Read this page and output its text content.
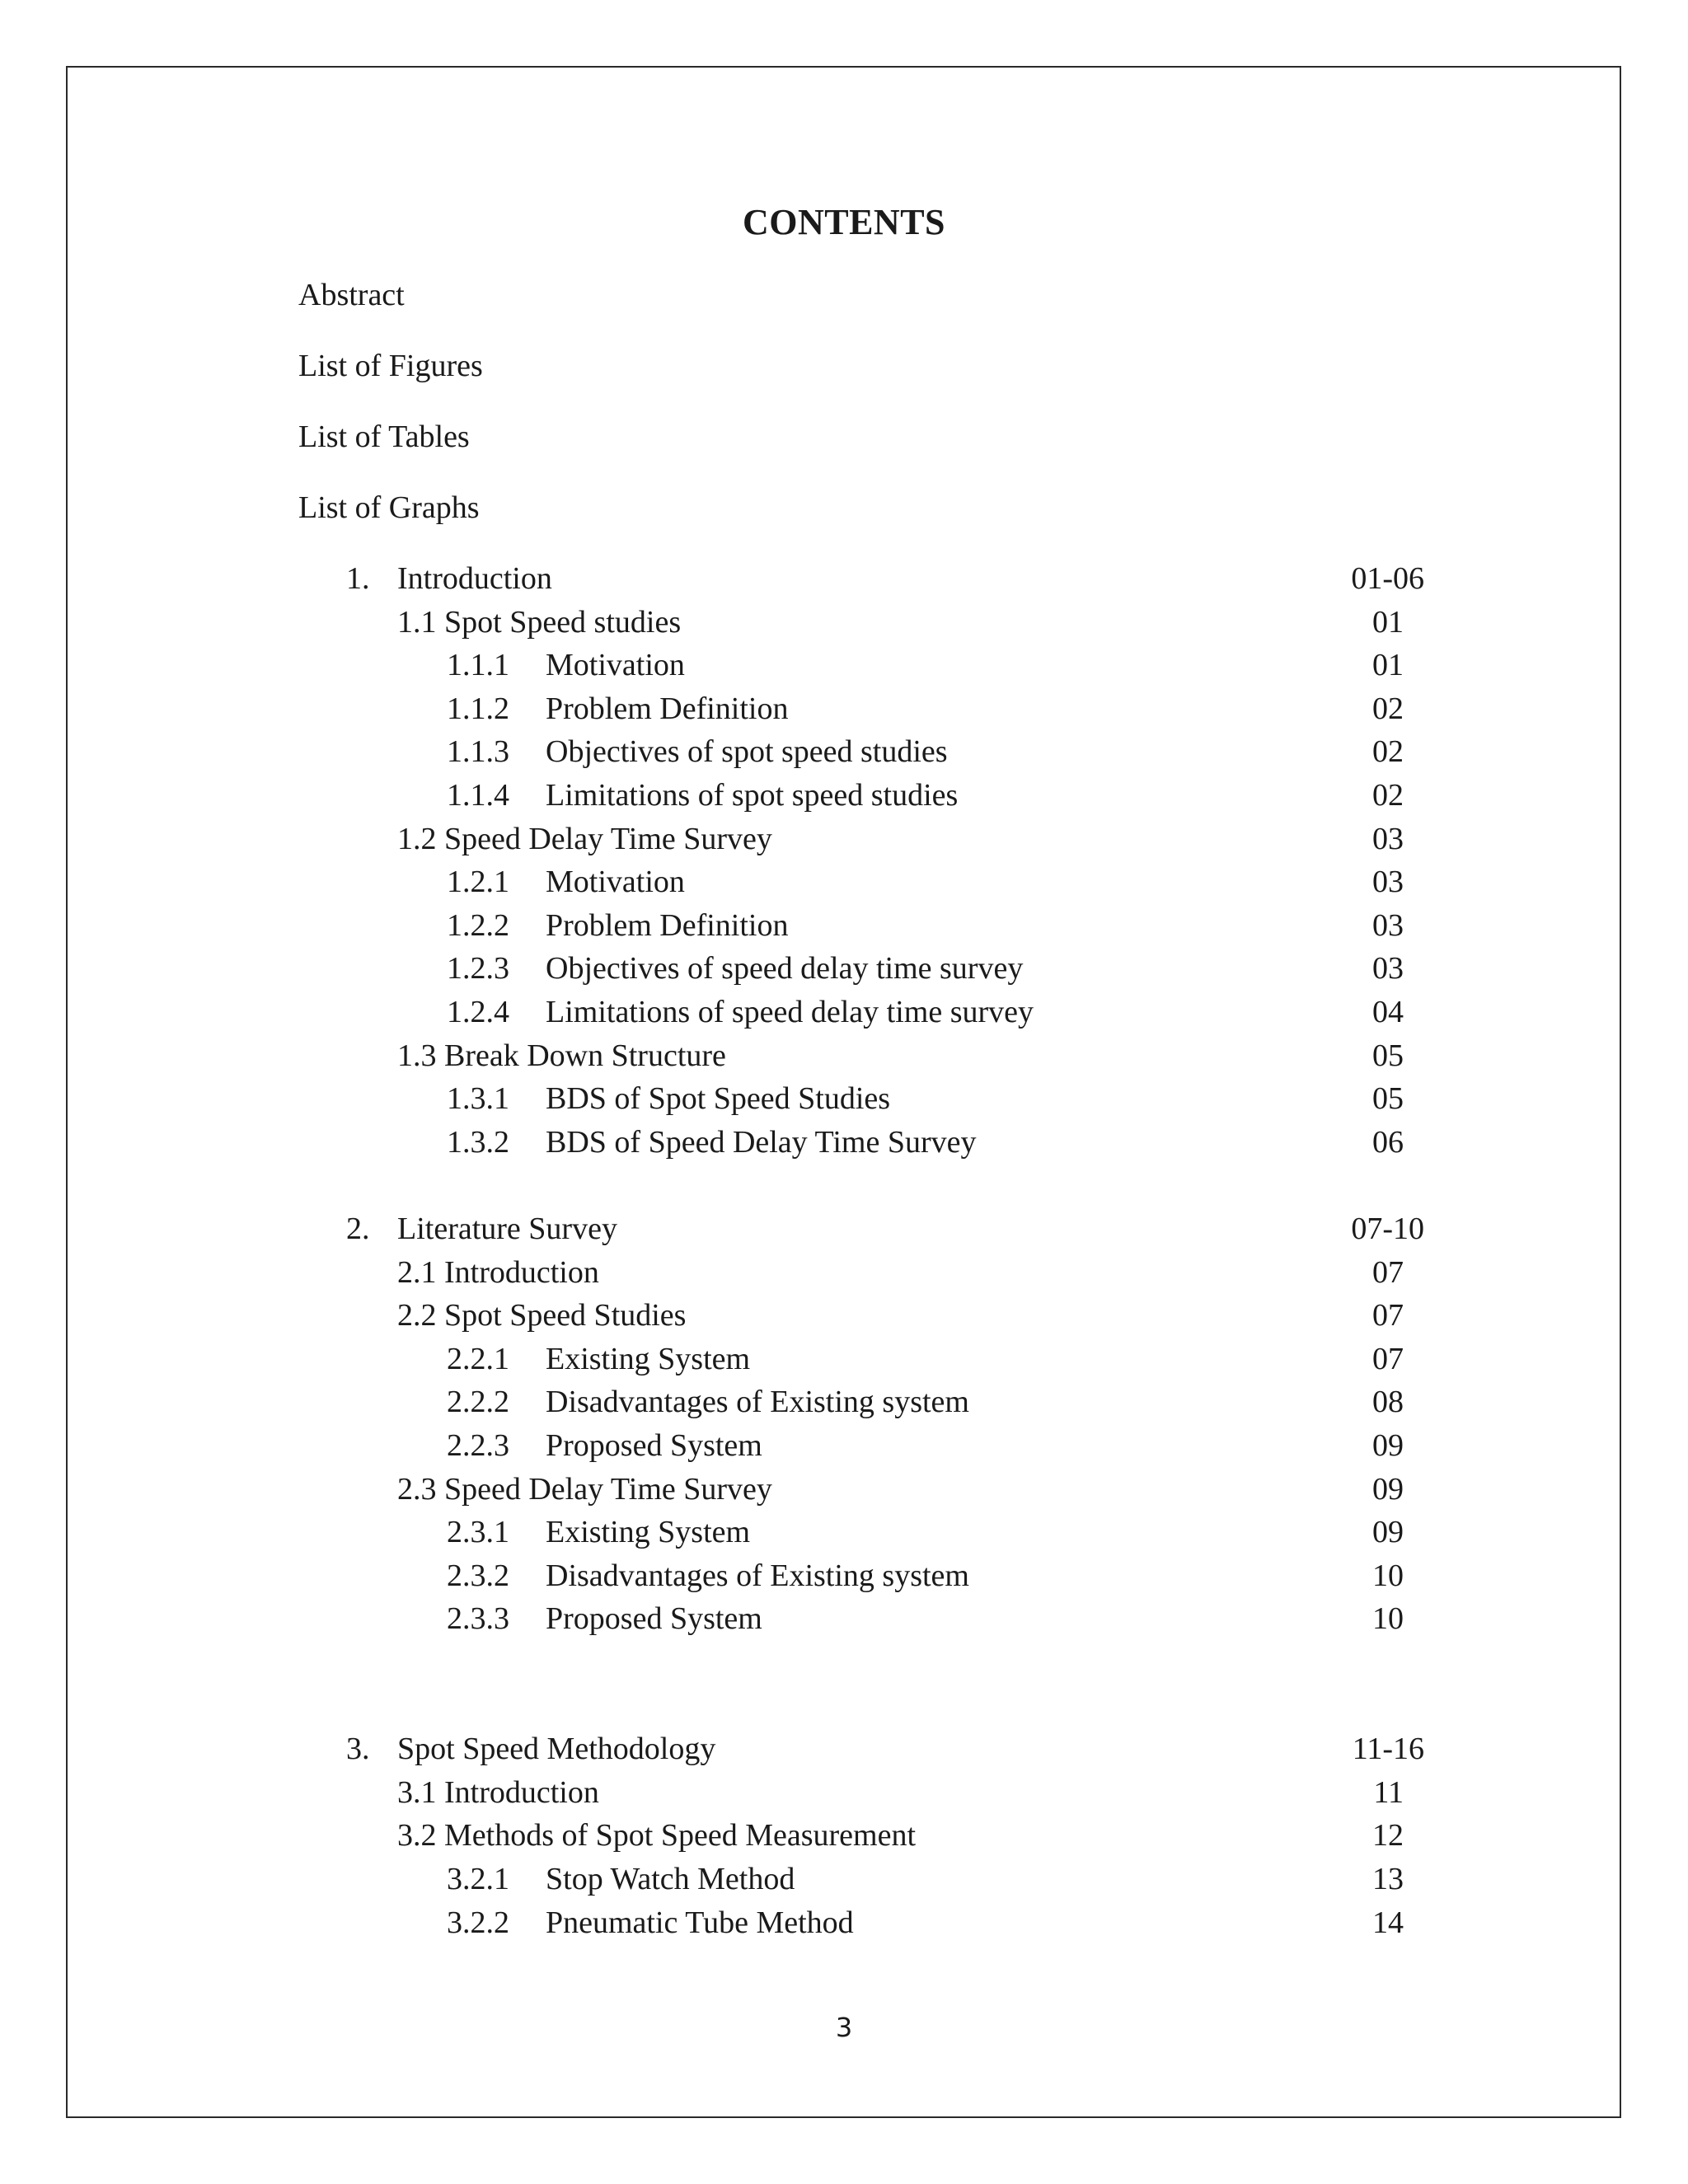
CONTENTS
Abstract
List of Figures
List of Tables
List of Graphs
1. Introduction	01-06
1.1 Spot Speed studies	01
1.1.1 Motivation	01
1.1.2 Problem Definition	02
1.1.3 Objectives of spot speed studies	02
1.1.4 Limitations of spot speed studies	02
1.2 Speed Delay Time Survey	03
1.2.1 Motivation	03
1.2.2 Problem Definition	03
1.2.3 Objectives of speed delay time survey	03
1.2.4 Limitations of speed delay time survey	04
1.3 Break Down Structure	05
1.3.1 BDS of Spot Speed Studies	05
1.3.2 BDS of Speed Delay Time Survey	06
2. Literature Survey	07-10
2.1 Introduction	07
2.2 Spot Speed Studies	07
2.2.1 Existing System	07
2.2.2 Disadvantages of Existing system	08
2.2.3 Proposed System	09
2.3 Speed Delay Time Survey	09
2.3.1 Existing System	09
2.3.2 Disadvantages of Existing system	10
2.3.3 Proposed System	10
3. Spot Speed Methodology	11-16
3.1 Introduction	11
3.2 Methods of Spot Speed Measurement	12
3.2.1 Stop Watch Method	13
3.2.2 Pneumatic Tube Method	14
3
